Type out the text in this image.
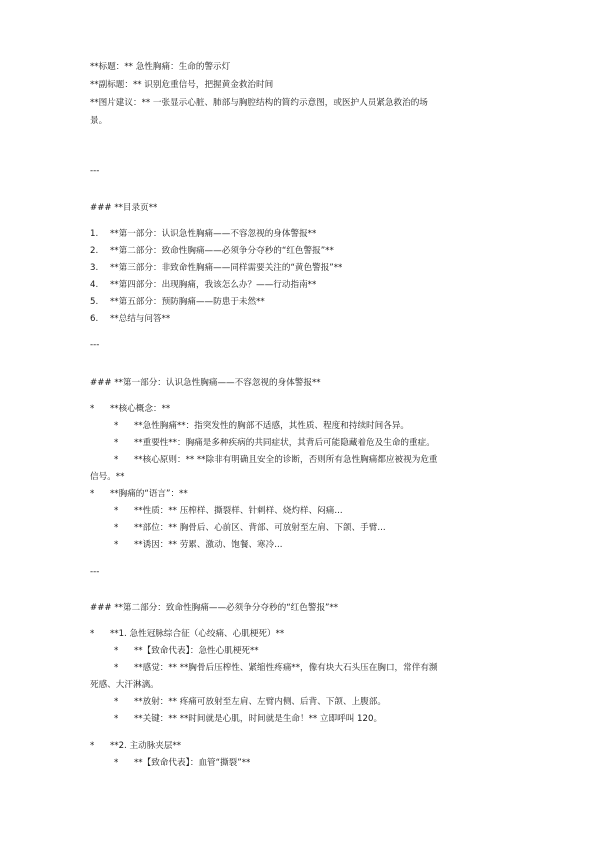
**标题：** 急性胸痛：生命的警示灯
**副标题：** 识别危重信号，把握黄金救治时间
**图片建议：** 一张显示心脏、肺部与胸腔结构的简约示意图，或医护人员紧急救治的场
景。
---
### **目录页**
1. **第一部分：认识急性胸痛——不容忽视的身体警报**
2. **第二部分：致命性胸痛——必须争分夺秒的“红色警报”**
3. **第三部分：非致命性胸痛——同样需要关注的“黄色警报”**
4. **第四部分：出现胸痛，我该怎么办？——行动指南**
5. **第五部分：预防胸痛——防患于未然**
6. **总结与问答**
---
### **第一部分：认识急性胸痛——不容忽视的身体警报**
* **核心概念：**
* **急性胸痛**：指突发性的胸部不适感，其性质、程度和持续时间各异。
* **重要性**：胸痛是多种疾病的共同症状，其背后可能隐藏着危及生命的重症。
* **核心原则：** **除非有明确且安全的诊断，否则所有急性胸痛都应被视为危重
信号。**
* **胸痛的“语言”：**
* **性质：** 压榨样、撕裂样、针刺样、烧灼样、闷痛...
* **部位：** 胸骨后、心前区、背部、可放射至左肩、下颌、手臂...
* **诱因：** 劳累、激动、饱餐、寒冷...
---
### **第二部分：致命性胸痛——必须争分夺秒的“红色警报”**
* **1. 急性冠脉综合征（心绞痛、心肌梗死）**
* **【致命代表】：急性心肌梗死**
* **感觉：** **胸骨后压榨性、紧缩性疼痛**，像有块大石头压在胸口，常伴有濒
死感、大汗淋漓。
* **放射：** 疼痛可放射至左肩、左臂内侧、后背、下颌、上腹部。
* **关键：** **时间就是心肌，时间就是生命！** 立即呼叫 120。
* **2. 主动脉夹层**
* **【致命代表】：血管“撕裂”**
